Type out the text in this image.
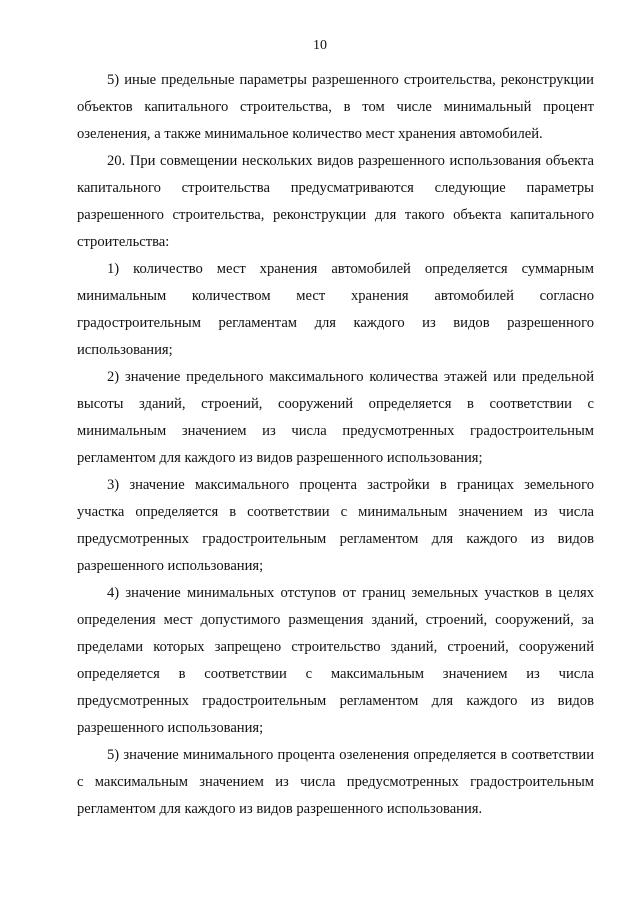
10

5) иные предельные параметры разрешенного строительства, реконструкции объектов капитального строительства, в том числе минимальный процент озеленения, а также минимальное количество мест хранения автомобилей.

20. При совмещении нескольких видов разрешенного использования объекта капитального строительства предусматриваются следующие параметры разрешенного строительства, реконструкции для такого объекта капитального строительства:

1) количество мест хранения автомобилей определяется суммарным минимальным количеством мест хранения автомобилей согласно градостроительным регламентам для каждого из видов разрешенного использования;

2) значение предельного максимального количества этажей или предельной высоты зданий, строений, сооружений определяется в соответствии с минимальным значением из числа предусмотренных градостроительным регламентом для каждого из видов разрешенного использования;

3) значение максимального процента застройки в границах земельного участка определяется в соответствии с минимальным значением из числа предусмотренных градостроительным регламентом для каждого из видов разрешенного использования;

4) значение минимальных отступов от границ земельных участков в целях определения мест допустимого размещения зданий, строений, сооружений, за пределами которых запрещено строительство зданий, строений, сооружений определяется в соответствии с максимальным значением из числа предусмотренных градостроительным регламентом для каждого из видов разрешенного использования;

5) значение минимального процента озеленения определяется в соответствии с максимальным значением из числа предусмотренных градостроительным регламентом для каждого из видов разрешенного использования.
